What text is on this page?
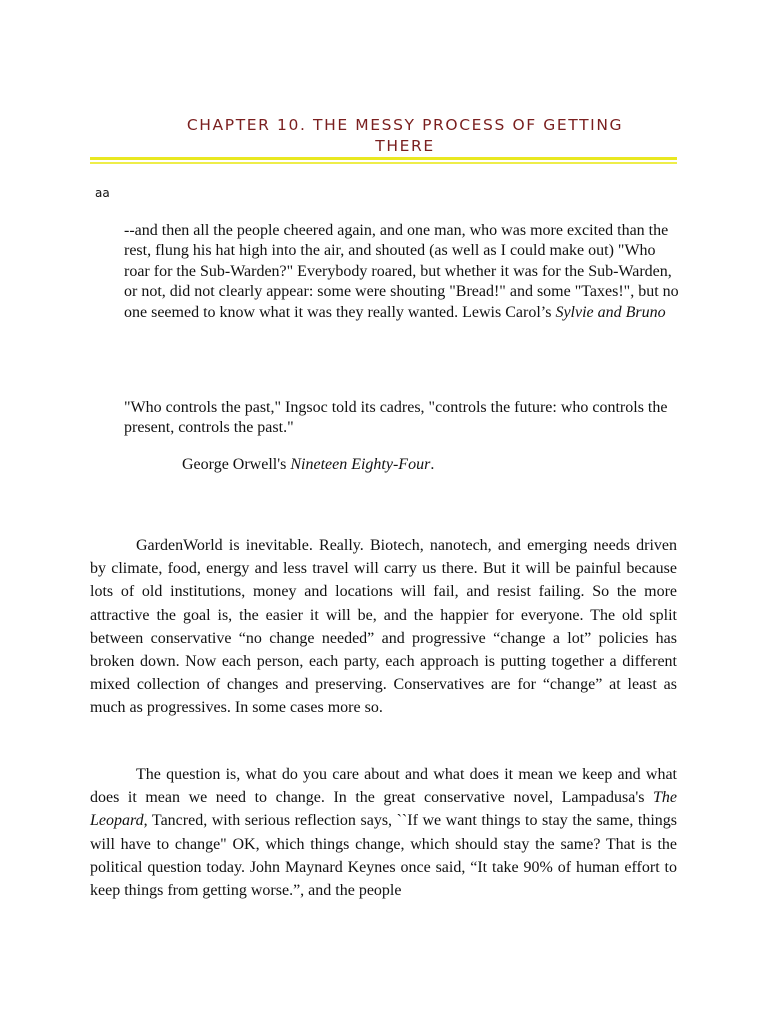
CHAPTER 10. THE MESSY PROCESS OF GETTING THERE
aa
--and then all the people cheered again, and one man, who was more excited than the rest, flung his hat high into the air, and shouted (as well as I could make out) "Who roar for the Sub-Warden?" Everybody roared, but whether it was for the Sub-Warden, or not, did not clearly appear: some were shouting "Bread!" and some "Taxes!", but no one seemed to know what it was they really wanted. Lewis Carol’s Sylvie and Bruno
"Who controls the past," Ingsoc told its cadres, "controls the future: who controls the present, controls the past."
George Orwell's Nineteen Eighty-Four.
GardenWorld is inevitable. Really. Biotech, nanotech, and emerging needs driven by climate, food, energy and less travel will carry us there. But it will be painful because lots of old institutions, money and locations will fail, and resist failing. So the more attractive the goal is, the easier it will be, and the happier for everyone. The old split between conservative “no change needed” and progressive “change a lot” policies has broken down. Now each person, each party, each approach is putting together a different mixed collection of changes and preserving. Conservatives are for “change” at least as much as progressives. In some cases more so.
The question is, what do you care about and what does it mean we keep and what does it mean we need to change. In the great conservative novel, Lampadusa's The Leopard, Tancred, with serious reflection says, ``If we want things to stay the same, things will have to change" OK, which things change, which should stay the same? That is the political question today. John Maynard Keynes once said, “It take 90% of human effort to keep things from getting worse.”, and the people
